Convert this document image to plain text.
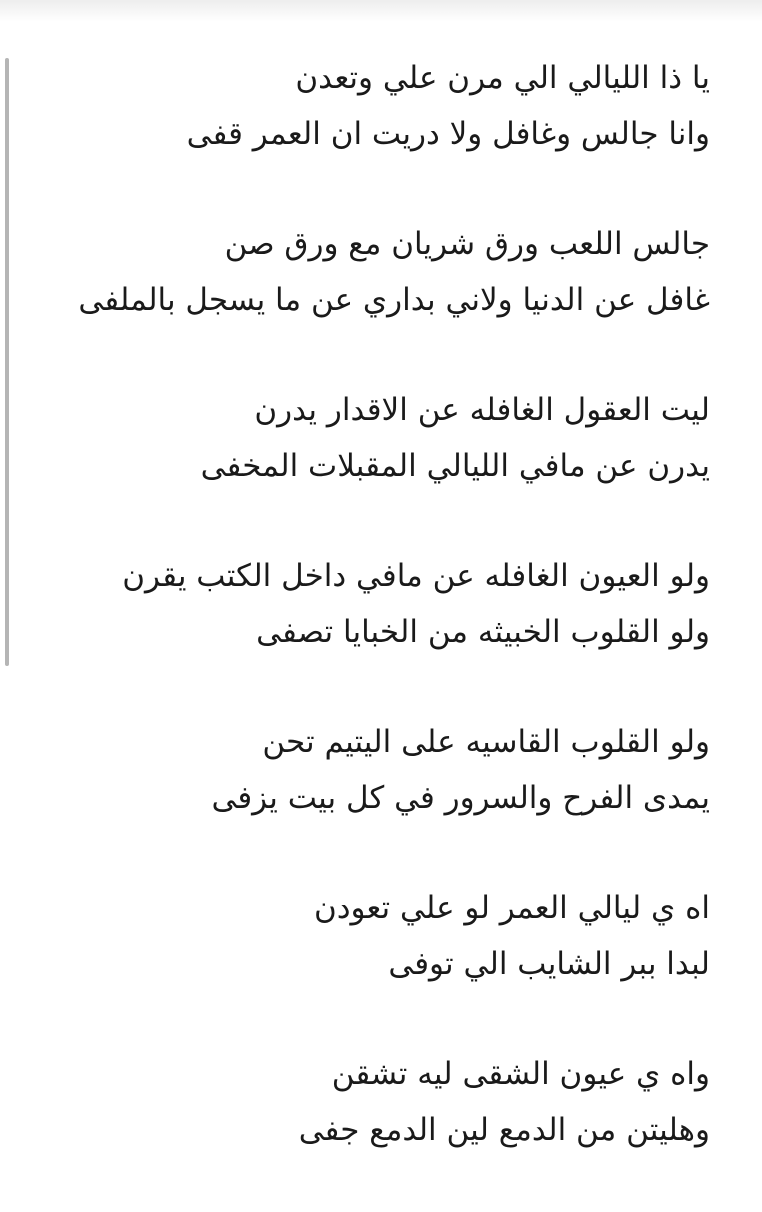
يا ذا الليالي الي مرن علي وتعدن
وانا جالس وغافل ولا دريت ان العمر قفى
جالس اللعب ورق شريان مع ورق صن
غافل عن الدنيا ولاني بداري عن ما يسجل بالملفى
ليت العقول الغافله عن الاقدار يدرن
يدرن عن مافي الليالي المقبلات المخفى
ولو العيون الغافله عن مافي داخل الكتب يقرن
ولو القلوب الخبيثه من الخبايا تصفى
ولو القلوب القاسيه على اليتيم تحن
يمدى الفرح والسرور في كل بيت يزفى
اه ي ليالي العمر لو علي تعودن
لبدا ببر الشايب الي توفى
واه ي عيون الشقى ليه تشقن
وهليتن من الدمع لين الدمع جفى
